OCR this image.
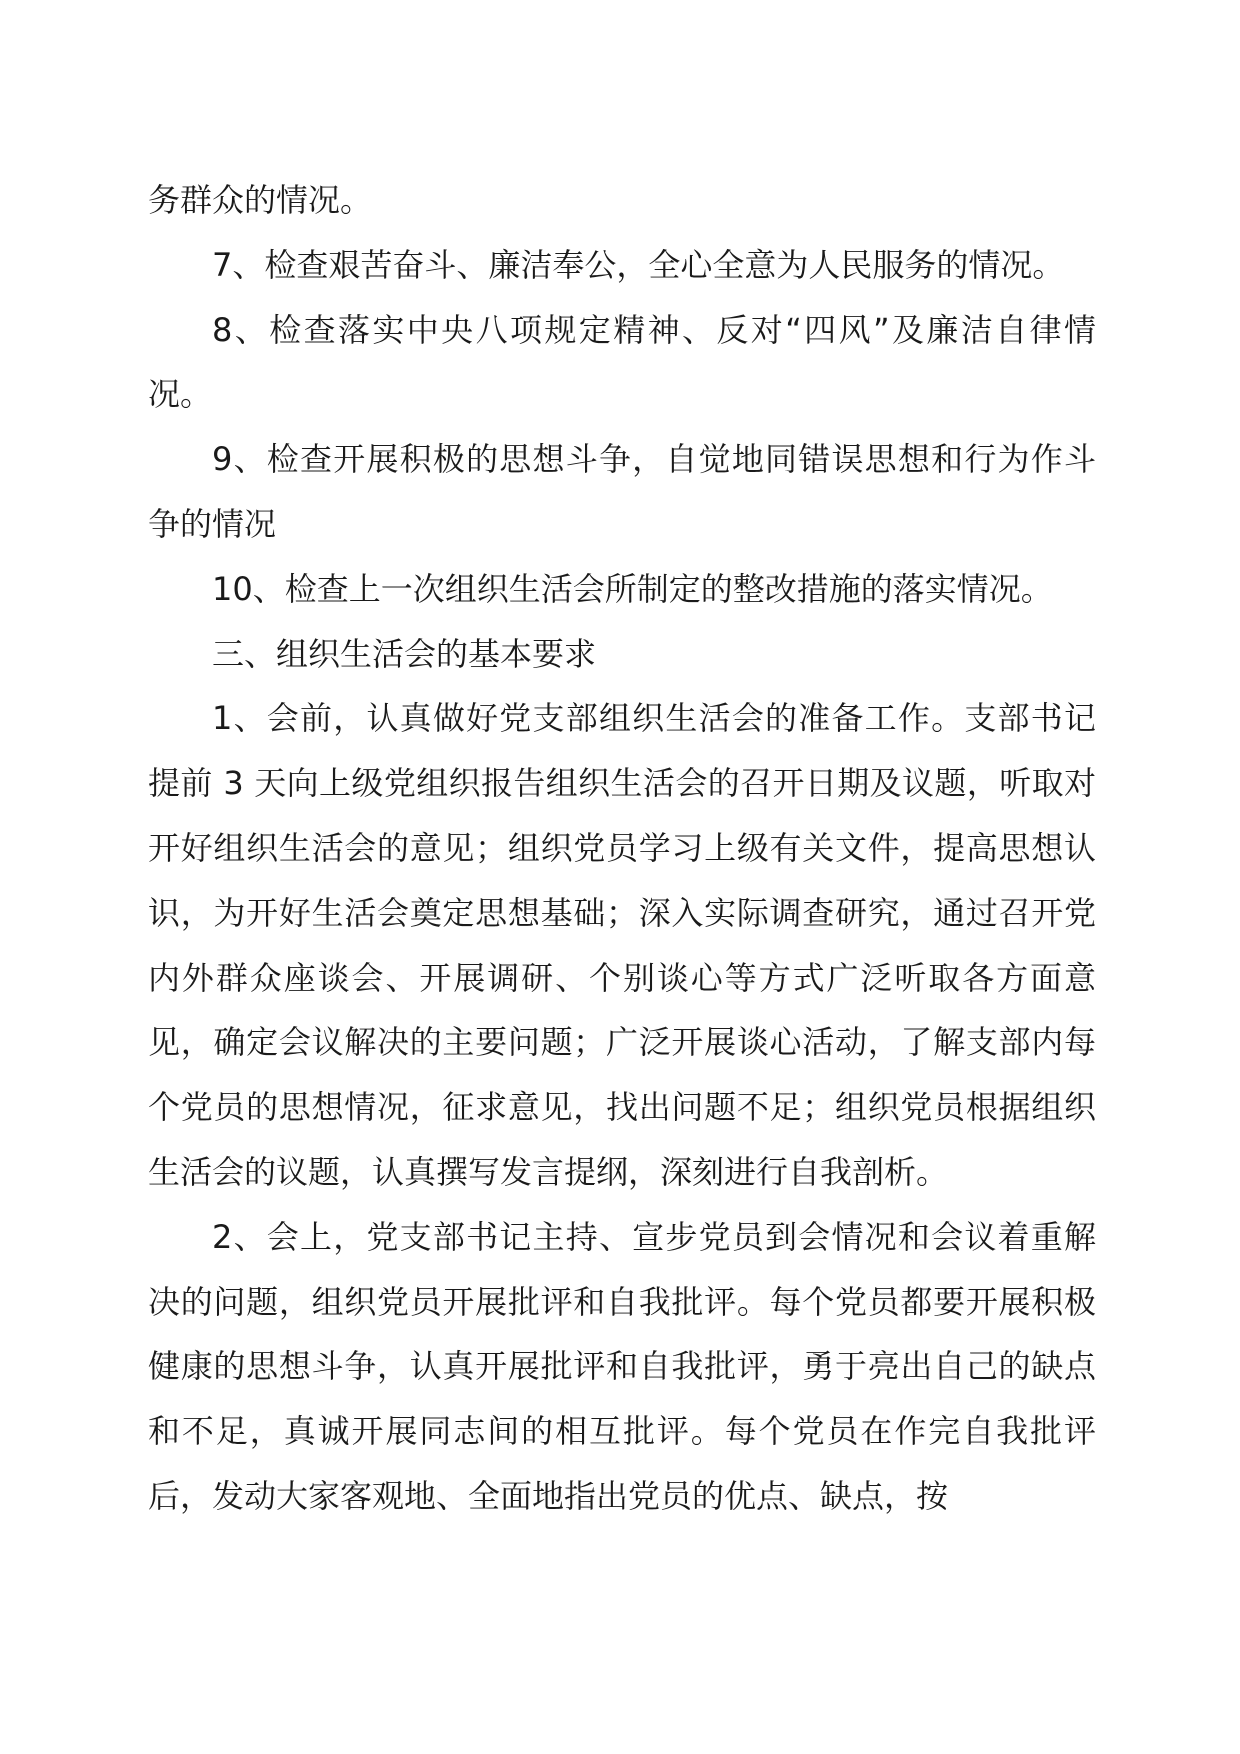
务群众的情况。

7、检查艰苦奋斗、廉洁奉公，全心全意为人民服务的情况。

8、检查落实中央八项规定精神、反对“四风”及廉洁自律情况。

9、检查开展积极的思想斗争，自觉地同错误思想和行为作斗争的情况

10、检查上一次组织生活会所制定的整改措施的落实情况。

三、组织生活会的基本要求

1、会前，认真做好党支部组织生活会的准备工作。支部书记提前 3 天向上级党组织报告组织生活会的召开日期及议题，听取对开好组织生活会的意见；组织党员学习上级有关文件，提高思想认识，为开好生活会奠定思想基础；深入实际调查研究，通过召开党内外群众座谈会、开展调研、个别谈心等方式广泛听取各方面意见，确定会议解决的主要问题；广泛开展谈心活动，了解支部内每个党员的思想情况，征求意见，找出问题不足；组织党员根据组织生活会的议题，认真撰写发言提纲，深刻进行自我剖析。

2、会上，党支部书记主持、宣步党员到会情况和会议着重解决的问题，组织党员开展批评和自我批评。每个党员都要开展积极健康的思想斗争，认真开展批评和自我批评，勇于亮出自己的缺点和不足，真诚开展同志间的相互批评。每个党员在作完自我批评后，发动大家客观地、全面地指出党员的优点、缺点，按
